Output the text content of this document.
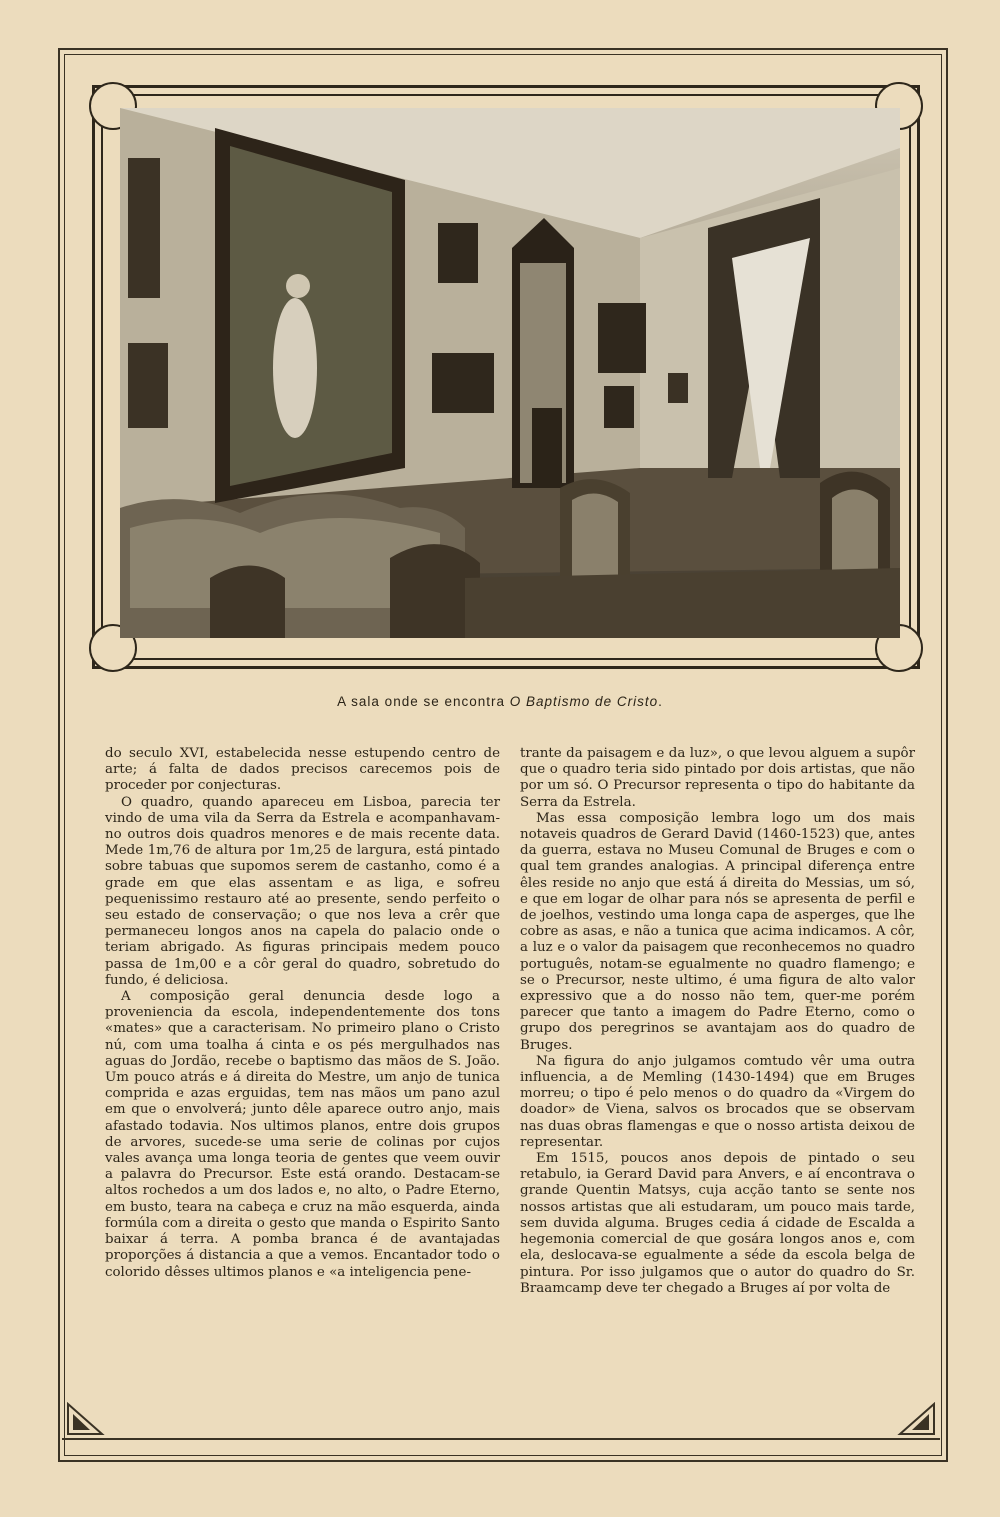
A sala onde se encontra O Baptismo de Cristo.

do seculo XVI, estabelecida nesse estupendo centro de arte; á falta de dados precisos carecemos pois de proceder por conjecturas.

O quadro, quando apareceu em Lisboa, parecia ter vindo de uma vila da Serra da Estrela e acompanhavam-no outros dois quadros menores e de mais recente data. Mede 1m,76 de altura por 1m,25 de largura, está pintado sobre tabuas que supomos serem de castanho, como é a grade em que elas assentam e as liga, e sofreu pequenissimo restauro até ao presente, sendo perfeito o seu estado de conservação; o que nos leva a crêr que permaneceu longos anos na capela do palacio onde o teriam abrigado. As figuras principais medem pouco passa de 1m,00 e a côr geral do quadro, sobretudo do fundo, é deliciosa.

A composição geral denuncia desde logo a proveniencia da escola, independentemente dos tons «mates» que a caracterisam. No primeiro plano o Cristo nú, com uma toalha á cinta e os pés mergulhados nas aguas do Jordão, recebe o baptismo das mãos de S. João. Um pouco atrás e á direita do Mestre, um anjo de tunica comprida e azas erguidas, tem nas mãos um pano azul em que o envolverá; junto dêle aparece outro anjo, mais afastado todavia. Nos ultimos planos, entre dois grupos de arvores, sucede-se uma serie de colinas por cujos vales avança uma longa teoria de gentes que veem ouvir a palavra do Precursor. Este está orando. Destacam-se altos rochedos a um dos lados e, no alto, o Padre Eterno, em busto, teara na cabeça e cruz na mão esquerda, ainda formúla com a direita o gesto que manda o Espirito Santo baixar á terra. A pomba branca é de avantajadas proporções á distancia a que a vemos. Encantador todo o colorido dêsses ultimos planos e «a inteligencia pene-

trante da paisagem e da luz», o que levou alguem a supôr que o quadro teria sido pintado por dois artistas, que não por um só. O Precursor representa o tipo do habitante da Serra da Estrela.

Mas essa composição lembra logo um dos mais notaveis quadros de Gerard David (1460-1523) que, antes da guerra, estava no Museu Comunal de Bruges e com o qual tem grandes analogias. A principal diferença entre êles reside no anjo que está á direita do Messias, um só, e que em logar de olhar para nós se apresenta de perfil e de joelhos, vestindo uma longa capa de asperges, que lhe cobre as asas, e não a tunica que acima indicamos. A côr, a luz e o valor da paisagem que reconhecemos no quadro português, notam-se egualmente no quadro flamengo; e se o Precursor, neste ultimo, é uma figura de alto valor expressivo que a do nosso não tem, quer-me porém parecer que tanto a imagem do Padre Eterno, como o grupo dos peregrinos se avantajam aos do quadro de Bruges.

Na figura do anjo julgamos comtudo vêr uma outra influencia, a de Memling (1430-1494) que em Bruges morreu; o tipo é pelo menos o do quadro da «Virgem do doador» de Viena, salvos os brocados que se observam nas duas obras flamengas e que o nosso artista deixou de representar.

Em 1515, poucos anos depois de pintado o seu retabulo, ia Gerard David para Anvers, e aí encontrava o grande Quentin Matsys, cuja acção tanto se sente nos nossos artistas que ali estudaram, um pouco mais tarde, sem duvida alguma. Bruges cedia á cidade de Escalda a hegemonia comercial de que gosára longos anos e, com ela, deslocava-se egualmente a séde da escola belga de pintura. Por isso julgamos que o autor do quadro do Sr. Braamcamp deve ter chegado a Bruges aí por volta de
